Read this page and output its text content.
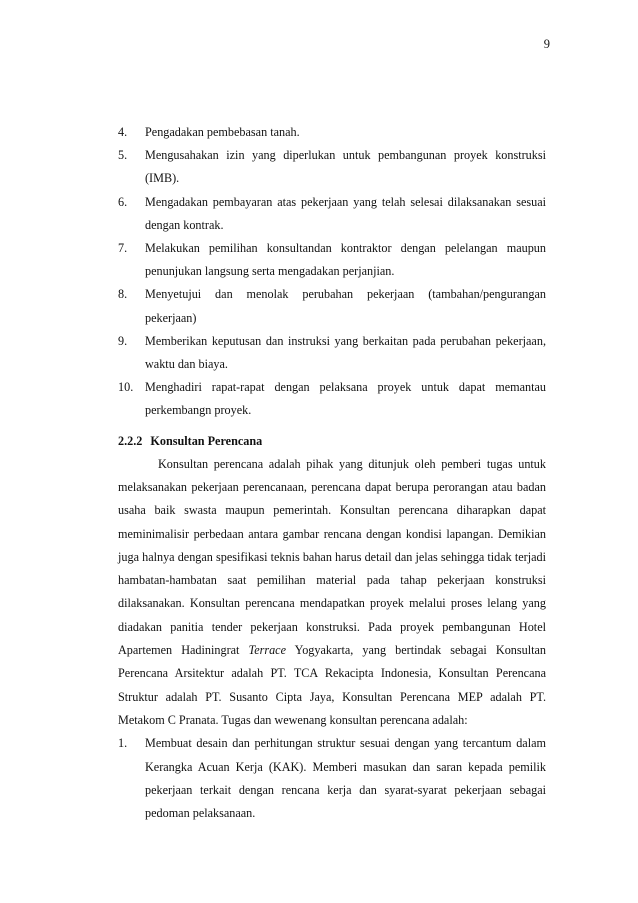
9
4.	Pengadakan pembebasan tanah.
5.	Mengusahakan izin yang diperlukan untuk pembangunan proyek konstruksi (IMB).
6.	Mengadakan pembayaran atas pekerjaan yang telah selesai dilaksanakan sesuai dengan kontrak.
7.	Melakukan pemilihan konsultandan kontraktor dengan pelelangan maupun penunjukan langsung serta mengadakan perjanjian.
8.	Menyetujui dan menolak perubahan pekerjaan (tambahan/pengurangan pekerjaan)
9.	Memberikan keputusan dan instruksi yang berkaitan pada perubahan pekerjaan, waktu dan biaya.
10. Menghadiri rapat-rapat dengan pelaksana proyek untuk dapat memantau perkembangn proyek.
2.2.2 Konsultan Perencana

Konsultan perencana adalah pihak yang ditunjuk oleh pemberi tugas untuk melaksanakan pekerjaan perencanaan, perencana dapat berupa perorangan atau badan usaha baik swasta maupun pemerintah. Konsultan perencana diharapkan dapat meminimalisir perbedaan antara gambar rencana dengan kondisi lapangan. Demikian juga halnya dengan spesifikasi teknis bahan harus detail dan jelas sehingga tidak terjadi hambatan-hambatan saat pemilihan material pada tahap pekerjaan konstruksi dilaksanakan. Konsultan perencana mendapatkan proyek melalui proses lelang yang diadakan panitia tender pekerjaan konstruksi. Pada proyek pembangunan Hotel Apartemen Hadiningrat Terrace Yogyakarta, yang bertindak sebagai Konsultan Perencana Arsitektur adalah PT. TCA Rekacipta Indonesia, Konsultan Perencana Struktur adalah PT. Susanto Cipta Jaya, Konsultan Perencana MEP adalah PT. Metakom C Pranata. Tugas dan wewenang konsultan perencana adalah:

1.	Membuat desain dan perhitungan struktur sesuai dengan yang tercantum dalam Kerangka Acuan Kerja (KAK). Memberi masukan dan saran kepada pemilik pekerjaan terkait dengan rencana kerja dan syarat-syarat pekerjaan sebagai pedoman pelaksanaan.
